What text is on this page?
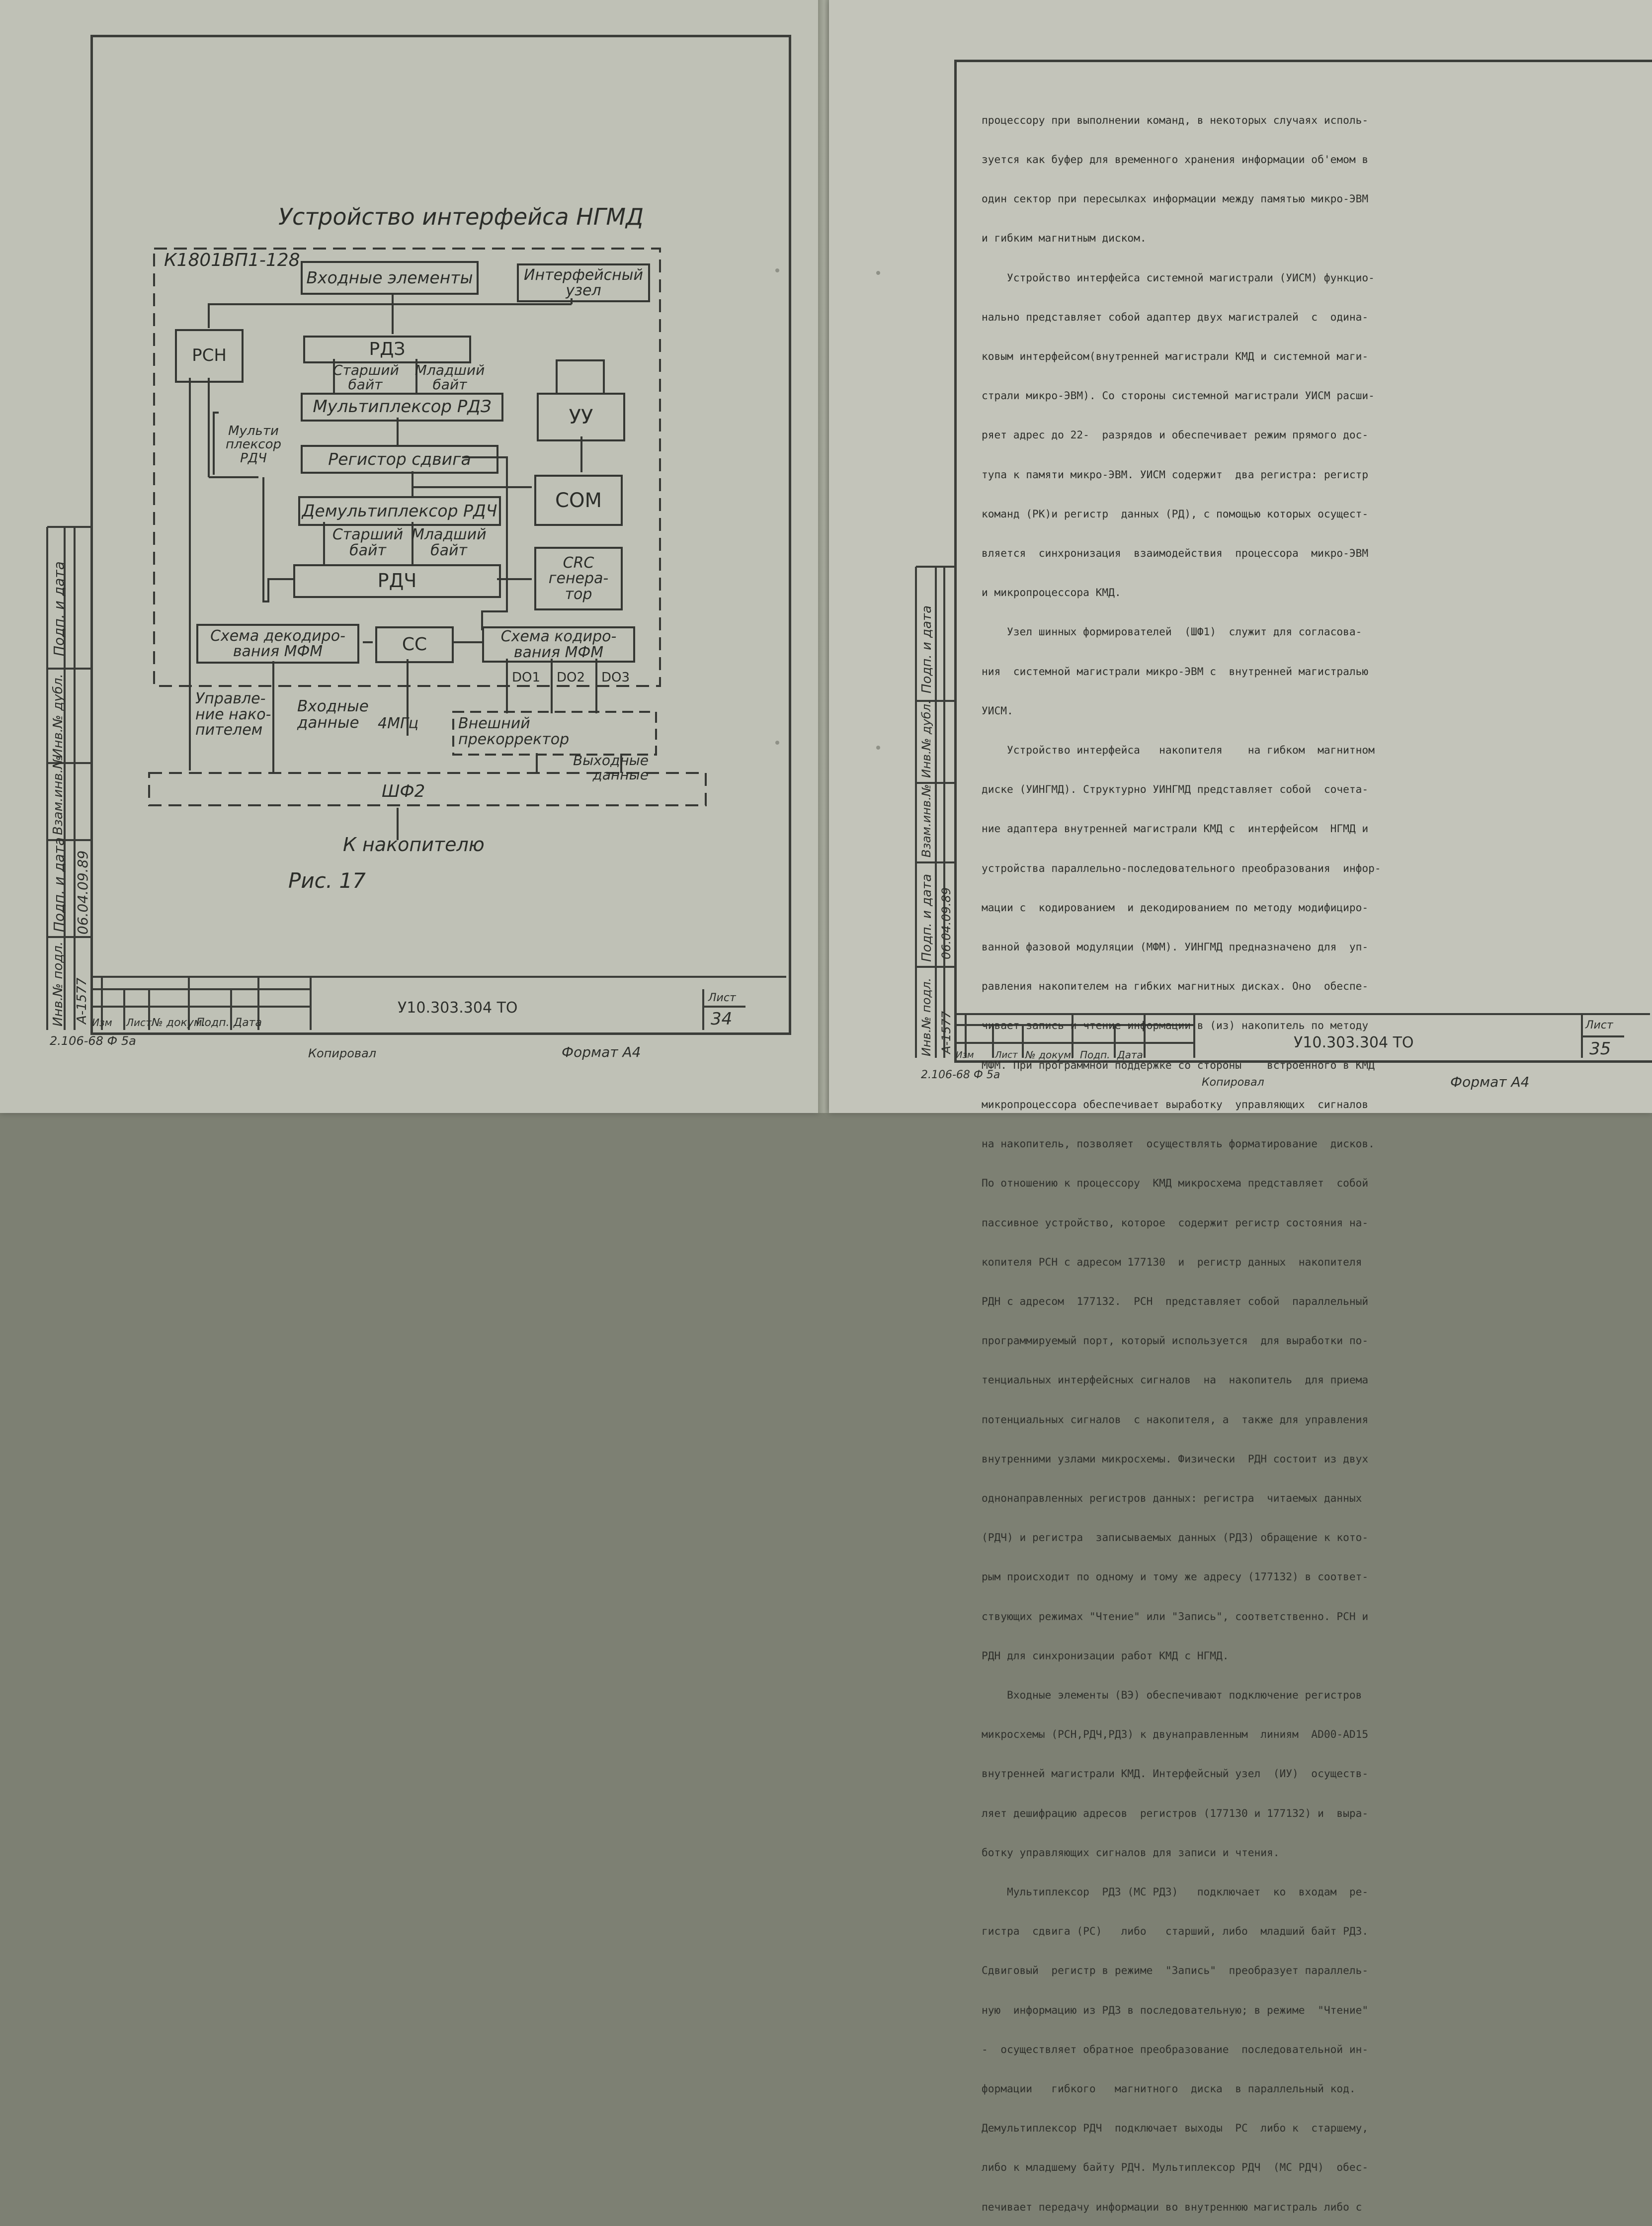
Устройство интерфейса НГМД
К1801ВП1-128
Входные элементы	Интерфейсный узел
РСН	РДЗ
Старший байт
Младший байт
Мультиплексор РДЗ
Мульти плексор РДЧ
УУ
Регистор сдвига
СОМ
Демультиплексор РДЧ
Старший байт
Младший байт
РДЧ
CRC генера- тор
Схема декодиро- вания МФМ	СС	Схема кодиро- вания МФМ
DO1 DO2 DO3
Управле- ние нако- пителем
Входные данные	4МГц	Внешний прекорректор
Выходные данные
ШФ2
К накопителю
Рис. 17
Подп. и дата
Инв.№ дубл.
Взам.инв.№
Подп. и дата
Инв.№ подл.
06.04.09.89
А-1577 Изм Лист № докум.
Подп. Дата
У10.303.304 ТО
Лист
34
2.106-68 Ф 5а
Копировал	Формат А4

процессору при выполнении команд, в некоторых случаях исполь-

зуется как буфер для временного хранения информации об'емом в

один сектор при пересылках информации между памятью микро-ЭВМ

и гибким магнитным диском.

Устройство интерфейса системной магистрали (УИСМ) функцио-

нально представляет собой адаптер двух магистралей  с  одина-

ковым интерфейсом(внутренней магистрали КМД и системной маги-

страли микро-ЭВМ). Со стороны системной магистрали УИСМ расши-

ряет адрес до 22-  разрядов и обеспечивает режим прямого дос-

тупа к памяти микро-ЭВМ. УИСМ содержит  два регистра: регистр

команд (РК)и регистр  данных (РД), с помощью которых осущест-

вляется  синхронизация  взаимодействия  процессора  микро-ЭВМ

и микропроцессора КМД.

Узел шинных формирователей  (ШФ1)  служит для согласова-

ния  системной магистрали микро-ЭВМ с  внутренней магистралью

УИСМ.

Устройство интерфейса   накопителя    на гибком  магнитном

диске (УИНГМД). Структурно УИНГМД представляет собой  сочета-

ние адаптера внутренней магистрали КМД с  интерфейсом  НГМД и

устройства параллельно-последовательного преобразования  инфор-

мации с  кодированием  и декодированием по методу модифициро-

ванной фазовой модуляции (МФМ). УИНГМД предназначено для  уп-

равления накопителем на гибких магнитных дисках. Оно  обеспе-

чивает запись и чтение информации в (из) накопитель по методу

МФМ. При программной поддержке со стороны    встроенного в КМД

микропроцессора обеспечивает выработку  управляющих  сигналов

на накопитель, позволяет  осуществлять форматирование  дисков.

По отношению к процессору  КМД микросхема представляет  собой

пассивное устройство, которое  содержит регистр состояния на-

копителя РСН с адресом 177130  и  регистр данных  накопителя

РДН с адресом  177132.  РСН  представляет собой  параллельный

программируемый порт, который используется  для выработки по-

тенциальных интерфейсных сигналов  на  накопитель  для приема

потенциальных сигналов  с накопителя, а  также для управления

внутренними узлами микросхемы. Физически  РДН состоит из двух

однонаправленных регистров данных: регистра  читаемых данных

(РДЧ) и регистра  записываемых данных (РДЗ) обращение к кото-

рым происходит по одному и тому же адресу (177132) в соответ-

ствующих режимах "Чтение" или "Запись", соответственно. РСН и

РДН для синхронизации работ КМД с НГМД.

Входные элементы (ВЭ) обеспечивают подключение регистров

микросхемы (РСН,РДЧ,РДЗ) к двунаправленным  линиям  AD00-AD15

внутренней магистрали КМД. Интерфейсный узел  (ИУ)  осуществ-

ляет дешифрацию адресов  регистров (177130 и 177132) и  выра-

ботку управляющих сигналов для записи и чтения.

Мультиплексор  РДЗ (МС РДЗ)   подключает  ко  входам  ре-

гистра  сдвига (РС)   либо   старший, либо  младший байт РДЗ.

Сдвиговый  регистр в режиме  "Запись"  преобразует параллель-

ную  информацию из РДЗ в последовательную; в режиме  "Чтение"

-  осуществляет обратное преобразование  последовательной ин-

формации   гибкого   магнитного  диска  в параллельный код.

Демультиплексор РДЧ  подключает выходы  РС  либо к  старшему,

либо к младшему байту РДЧ. Мультиплексор РДЧ  (МС РДЧ)  обес-

печивает передачу информации во внутреннюю магистраль либо с

Подп. и дата
Инв.№ дубл.
Взам.инв.№
Подп. и дата
Инв.№ подл.
06.04.09.89
А-1577
Изм Лист № докум. Подп. Дата
У10.303.304 ТО
Лист
35
2.106-68 Ф 5а
Копировал	Формат А4
